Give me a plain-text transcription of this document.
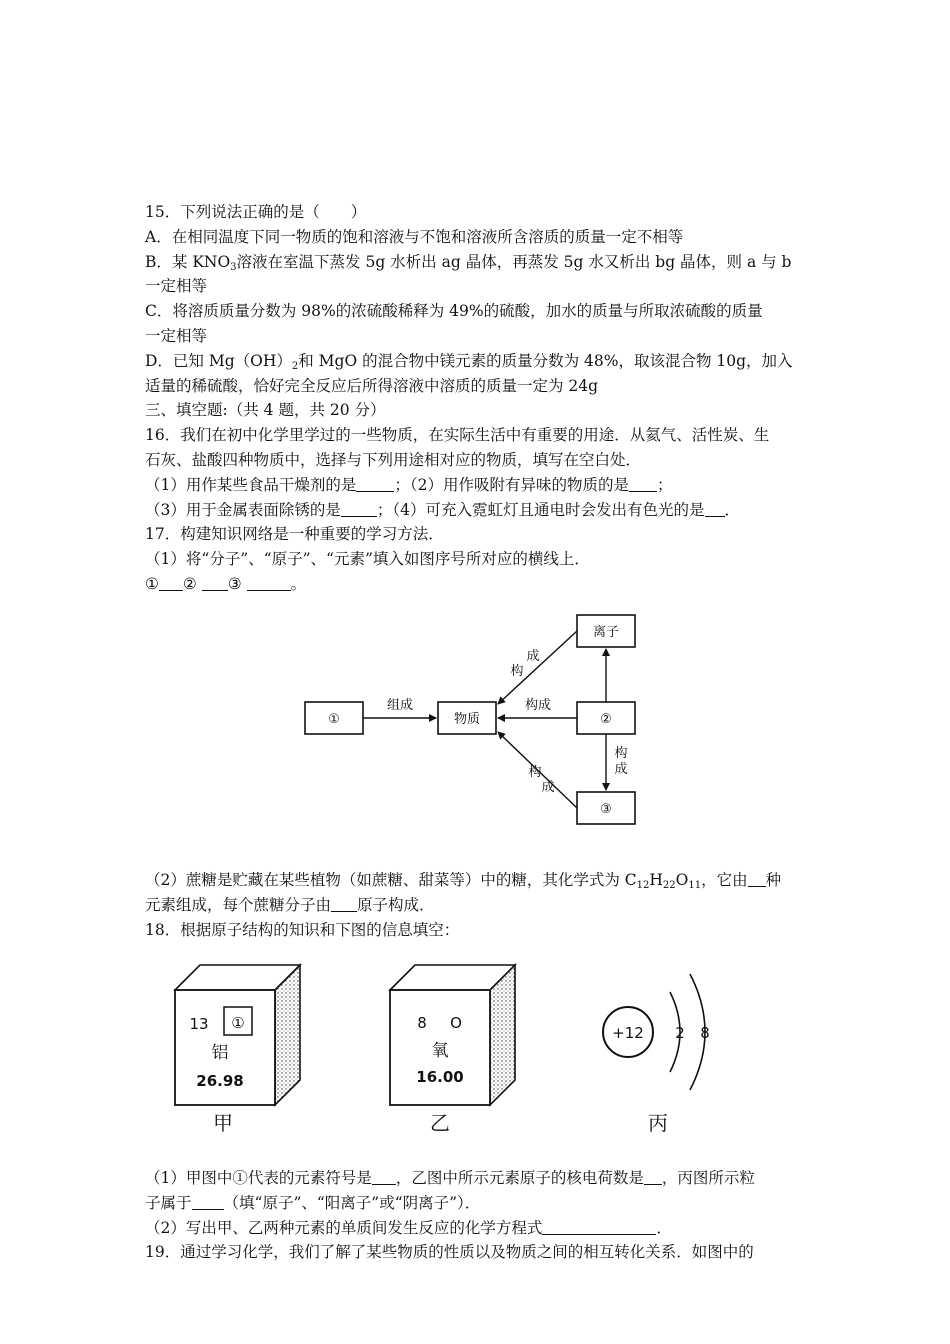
15．下列说法正确的是（　　）
A．在相同温度下同一物质的饱和溶液与不饱和溶液所含溶质的质量一定不相等
B．某 $KNO_3$溶液在室温下蒸发 5g 水析出 ag 晶体，再蒸发 5g 水又析出 bg 晶体，则 a 与 b
一定相等
C．将溶质质量分数为 98%的浓硫酸稀释为 49%的硫酸，加水的质量与所取浓硫酸的质量
一定相等
D．已知 $Mg(OH)_2$和 MgO 的混合物中镁元素的质量分数为 48%，取该混合物 10g，加入
适量的稀硫酸，恰好完全反应后所得溶液中溶质的质量一定为 24g
三、填空题:（共 4 题，共 20 分）
16．我们在初中化学里学过的一些物质，在实际生活中有重要的用途．从氦气、活性炭、生
石灰、盐酸四种物质中，选择与下列用途相对应的物质，填写在空白处．
（1）用作某些食品干燥剂的是 ；（2）用作吸附有异味的物质的是 ；
（3）用于金属表面除锈的是 ；（4）可充入霓虹灯且通电时会发出有色光的是 ．
17．构建知识网络是一种重要的学习方法．
（1）将“分子”、“原子”、“元素”填入如图序号所对应的横线上．
① ② ③	。
①	物质	②
离子
③
组成	构成
构
成
构
成
构
成
（2）蔗糖是贮藏在某些植物（如蔗糖、甜菜等）中的糖，其化学式为 $C_{12}H_{22}O_{11}$，它由 种
元素组成，每个蔗糖分子由 原子构成．
18．根据原子结构的知识和下图的信息填空：
13 ①
铝
26.98
甲
8 O
氧
16.00
乙
+12 2 8
丙
（1）甲图中①代表的元素符号是 ，乙图中所示元素原子的核电荷数是 ，丙图所示粒
子属于 （填“原子”、“阳离子”或“阴离子”）．
（2）写出甲、乙两种元素的单质间发生反应的化学方程式	．
19．通过学习化学，我们了解了某些物质的性质以及物质之间的相互转化关系．如图中的
